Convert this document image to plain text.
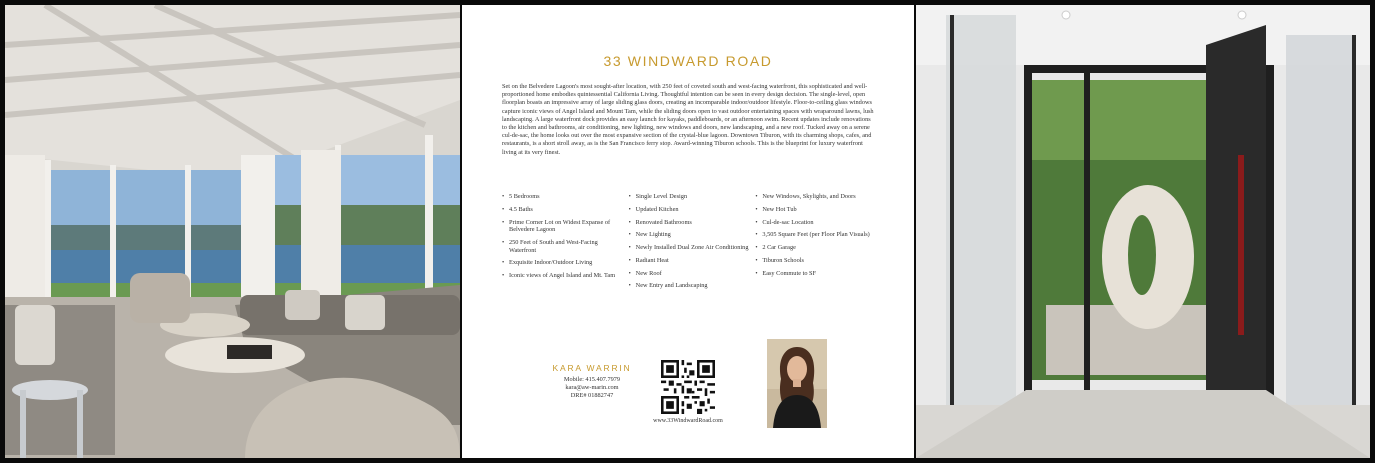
33 WINDWARD ROAD

Set on the Belvedere Lagoon's most sought-after location, with 250 feet of coveted south and west-facing waterfront, this sophisticated and well-proportioned home embodies quintessential California Living. Thoughtful intention can be seen in every design decision. The single-level, open floorplan boasts an impressive array of large sliding glass doors, creating an incomparable indoor/outdoor lifestyle. Floor-to-ceiling glass windows capture iconic views of Angel Island and Mount Tam, while the sliding doors open to vast outdoor entertaining spaces with wraparound lawns, lush landscaping. A large waterfront dock provides an easy launch for kayaks, paddleboards, or an afternoon swim. Recent updates include renovations to the kitchen and bathrooms, air conditioning, new lighting, new windows and doors, new landscaping, and a new roof. Tucked away on a serene cul-de-sac, the home looks out over the most expansive section of the crystal-blue lagoon. Downtown Tiburon, with its charming shops, cafes, and restaurants, is a short stroll away, as is the San Francisco ferry stop. Award-winning Tiburon schools. This is the blueprint for luxury waterfront living at its very finest.

• 5 Bedrooms
• 4.5 Baths
• Prime Corner Lot on Widest Expanse of Belvedere Lagoon
• 250 Feet of South and West-Facing Waterfront
• Exquisite Indoor/Outdoor Living
• Iconic views of Angel Island and Mt. Tam
• Single Level Design
• Updated Kitchen
• Renovated Bathrooms
• New Lighting
• Newly Installed Dual Zone Air Conditioning
• Radiant Heat
• New Roof
• New Entry and Landscaping
• New Windows, Skylights, and Doors
• New Hot Tub
• Cul-de-sac Location
• 3,505 Square Feet (per Floor Plan Visuals)
• 2 Car Garage
• Tiburon Schools
• Easy Commute to SF
KARA WARRIN
Mobile: 415.407.7979
kara@aw-marin.com
DRE# 01882747
www.33WindwardRoad.com
